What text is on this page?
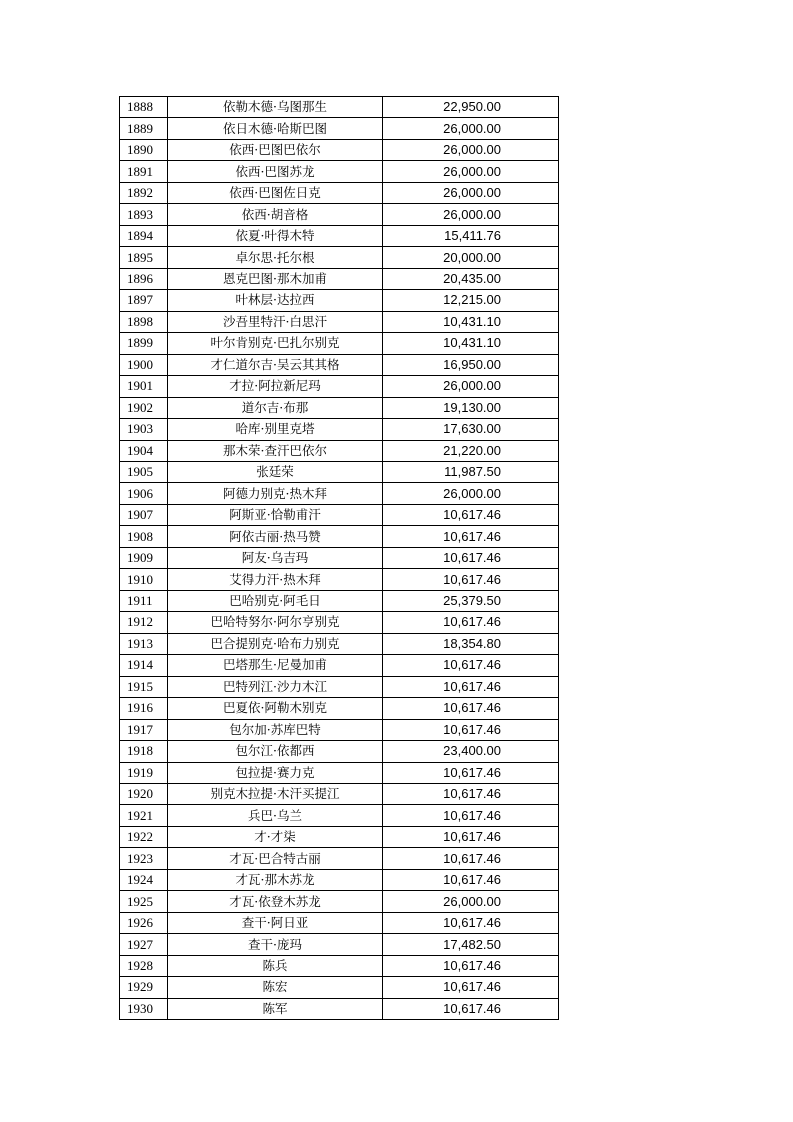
1888	依勒木德·乌图那生	22,950.00
1889	依日木德·哈斯巴图	26,000.00
1890	依西·巴图巴依尔	26,000.00
1891	依西·巴图苏龙	26,000.00
1892	依西·巴图佐日克	26,000.00
1893	依西·胡音格	26,000.00
1894	依夏·叶得木特	15,411.76
1895	卓尔思·托尔根	20,000.00
1896	恩克巴图·那木加甫	20,435.00
1897	叶林层·达拉西	12,215.00
1898	沙吾里特汗·白思汗	10,431.10
1899	叶尔肯别克·巴扎尔别克	10,431.10
1900	才仁道尔吉·吴云其其格	16,950.00
1901	才拉·阿拉新尼玛	26,000.00
1902	道尔吉·布那	19,130.00
1903	哈库·别里克塔	17,630.00
1904	那木荣·查汗巴依尔	21,220.00
1905	张廷荣	11,987.50
1906	阿德力别克·热木拜	26,000.00
1907	阿斯亚·恰勒甫汗	10,617.46
1908	阿依古丽·热马赞	10,617.46
1909	阿友·乌吉玛	10,617.46
1910	艾得力汗·热木拜	10,617.46
1911	巴哈别克·阿毛日	25,379.50
1912	巴哈特努尔·阿尔亨别克	10,617.46
1913	巴合提别克·哈布力别克	18,354.80
1914	巴塔那生·尼曼加甫	10,617.46
1915	巴特列江·沙力木江	10,617.46
1916	巴夏依·阿勒木别克	10,617.46
1917	包尔加·苏库巴特	10,617.46
1918	包尔江·依都西	23,400.00
1919	包拉提·赛力克	10,617.46
1920	别克木拉提·木汗买提江	10,617.46
1921	兵巴·乌兰	10,617.46
1922	才·才柒	10,617.46
1923	才瓦·巴合特古丽	10,617.46
1924	才瓦·那木苏龙	10,617.46
1925	才瓦·依登木苏龙	26,000.00
1926	查干·阿日亚	10,617.46
1927	查干·庞玛	17,482.50
1928	陈兵	10,617.46
1929	陈宏	10,617.46
1930	陈军	10,617.46
